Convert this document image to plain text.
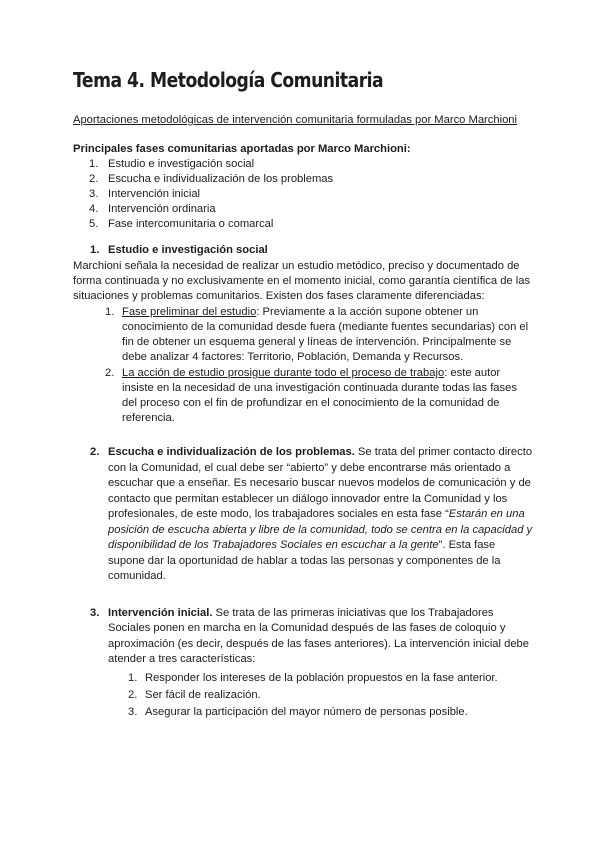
Tema 4. Metodología Comunitaria
Aportaciones metodológicas de intervención comunitaria formuladas por Marco Marchioni
Principales fases comunitarias aportadas por Marco Marchioni:
1. Estudio e investigación social
2. Escucha e individualización de los problemas
3. Intervención inicial
4. Intervención ordinaria
5. Fase intercomunitaria o comarcal
1. Estudio e investigación social
Marchioni señala la necesidad de realizar un estudio metódico, preciso y documentado de forma continuada y no exclusivamente en el momento inicial, como garantía científica de las situaciones y problemas comunitarios. Existen dos fases claramente diferenciadas:
1. Fase preliminar del estudio: Previamente a la acción supone obtener un conocimiento de la comunidad desde fuera (mediante fuentes secundarias) con el fin de obtener un esquema general y líneas de intervención. Principalmente se debe analizar 4 factores: Territorio, Población, Demanda y Recursos.
2. La acción de estudio prosigue durante todo el proceso de trabajo: este autor insiste en la necesidad de una investigación continuada durante todas las fases del proceso con el fin de profundizar en el conocimiento de la comunidad de referencia.
2. Escucha e individualización de los problemas. Se trata del primer contacto directo con la Comunidad, el cual debe ser “abierto” y debe encontrarse más orientado a escuchar que a enseñar. Es necesario buscar nuevos modelos de comunicación y de contacto que permitan establecer un diálogo innovador entre la Comunidad y los profesionales, de este modo, los trabajadores sociales en esta fase “Estarán en una posición de escucha abierta y libre de la comunidad, todo se centra en la capacidad y disponibilidad de los Trabajadores Sociales en escuchar a la gente”. Esta fase supone dar la oportunidad de hablar a todas las personas y componentes de la comunidad.
3. Intervención inicial. Se trata de las primeras iniciativas que los Trabajadores Sociales ponen en marcha en la Comunidad después de las fases de coloquio y aproximación (es decir, después de las fases anteriores). La intervención inicial debe atender a tres características:
1. Responder los intereses de la población propuestos en la fase anterior.
2. Ser fácil de realización.
3. Asegurar la participación del mayor número de personas posible.
